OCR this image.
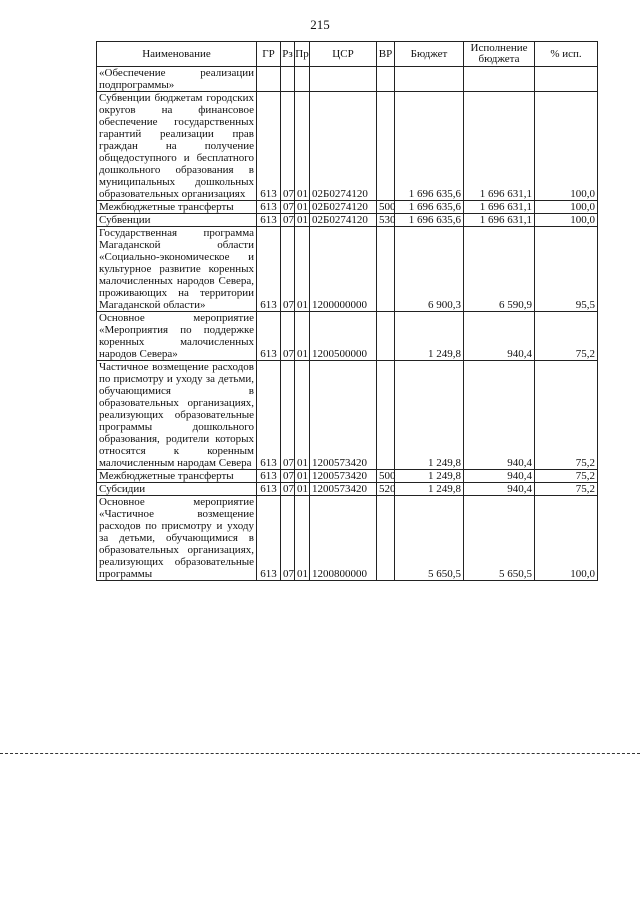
215
Наименование	ГР	Рз	Пр	ЦСР	ВР	Бюджет	Исполнение бюджета	% исп.
«Обеспечение реализации подпрограммы»								
Субвенции бюджетам городских округов на финансовое обеспечение государственных гарантий реализации прав граждан на получение общедоступного и бесплатного дошкольного образования в муниципальных дошкольных образовательных организациях	613	07	01	02Б0274120		1 696 635,6	1 696 631,1	100,0
Межбюджетные трансферты	613	07	01	02Б0274120	500	1 696 635,6	1 696 631,1	100,0
Субвенции	613	07	01	02Б0274120	530	1 696 635,6	1 696 631,1	100,0
Государственная программа Магаданской области «Социально-экономическое и культурное развитие коренных малочисленных народов Севера, проживающих на территории Магаданской области»	613	07	01	1200000000		6 900,3	6 590,9	95,5
Основное мероприятие «Мероприятия по поддержке коренных малочисленных народов Севера»	613	07	01	1200500000		1 249,8	940,4	75,2
Частичное возмещение расходов по присмотру и уходу за детьми, обучающимися в образовательных организациях, реализующих образовательные программы дошкольного образования, родители которых относятся к коренным малочисленным народам Севера	613	07	01	1200573420		1 249,8	940,4	75,2
Межбюджетные трансферты	613	07	01	1200573420	500	1 249,8	940,4	75,2
Субсидии	613	07	01	1200573420	520	1 249,8	940,4	75,2
Основное мероприятие «Частичное возмещение расходов по присмотру и уходу за детьми, обучающимися в образовательных организациях, реализующих образовательные программы	613	07	01	1200800000		5 650,5	5 650,5	100,0
